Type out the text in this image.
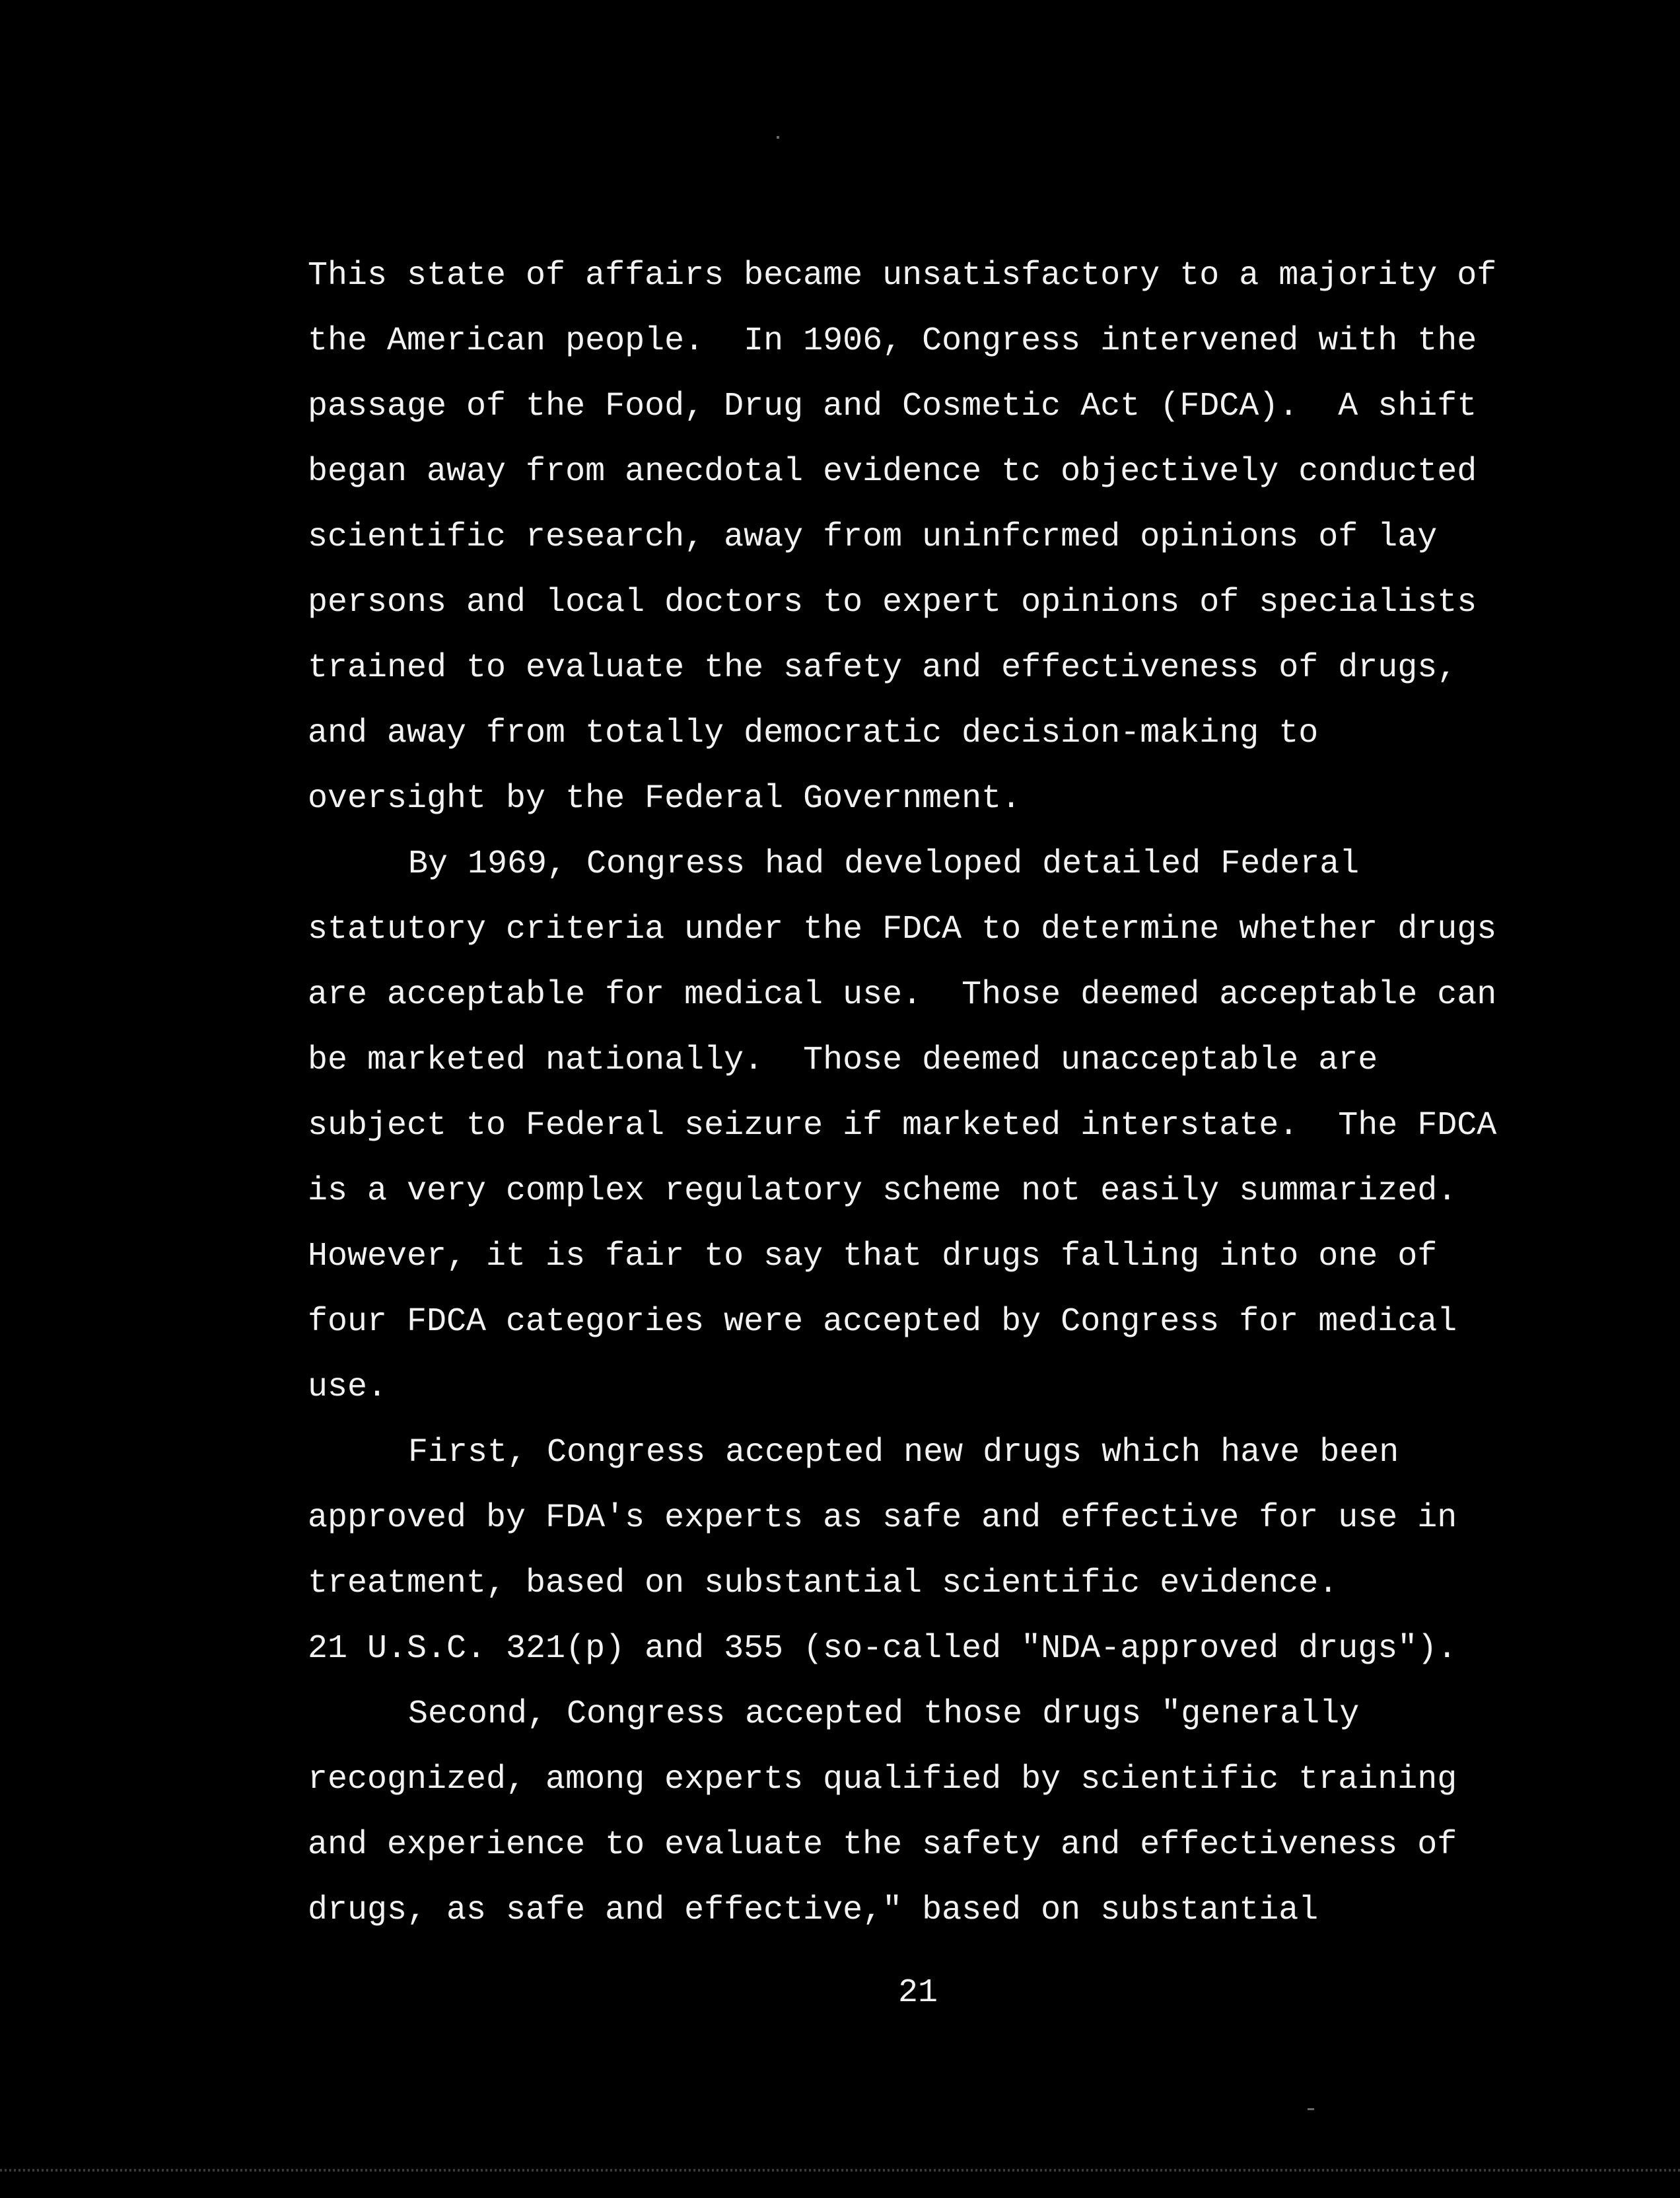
This state of affairs became unsatisfactory to a majority of
the American people.  In 1906, Congress intervened with the
passage of the Food, Drug and Cosmetic Act (FDCA).  A shift
began away from anecdotal evidence tc objectively conducted
scientific research, away from uninfcrmed opinions of lay
persons and local doctors to expert opinions of specialists
trained to evaluate the safety and effectiveness of drugs,
and away from totally democratic decision-making to
oversight by the Federal Government.
By 1969, Congress had developed detailed Federal
statutory criteria under the FDCA to determine whether drugs
are acceptable for medical use.  Those deemed acceptable can
be marketed nationally.  Those deemed unacceptable are
subject to Federal seizure if marketed interstate.  The FDCA
is a very complex regulatory scheme not easily summarized.
However, it is fair to say that drugs falling into one of
four FDCA categories were accepted by Congress for medical
use.
First, Congress accepted new drugs which have been
approved by FDA's experts as safe and effective for use in
treatment, based on substantial scientific evidence.
21 U.S.C. 321(p) and 355 (so-called "NDA-approved drugs").
Second, Congress accepted those drugs "generally
recognized, among experts qualified by scientific training
and experience to evaluate the safety and effectiveness of
drugs, as safe and effective," based on substantial
21
